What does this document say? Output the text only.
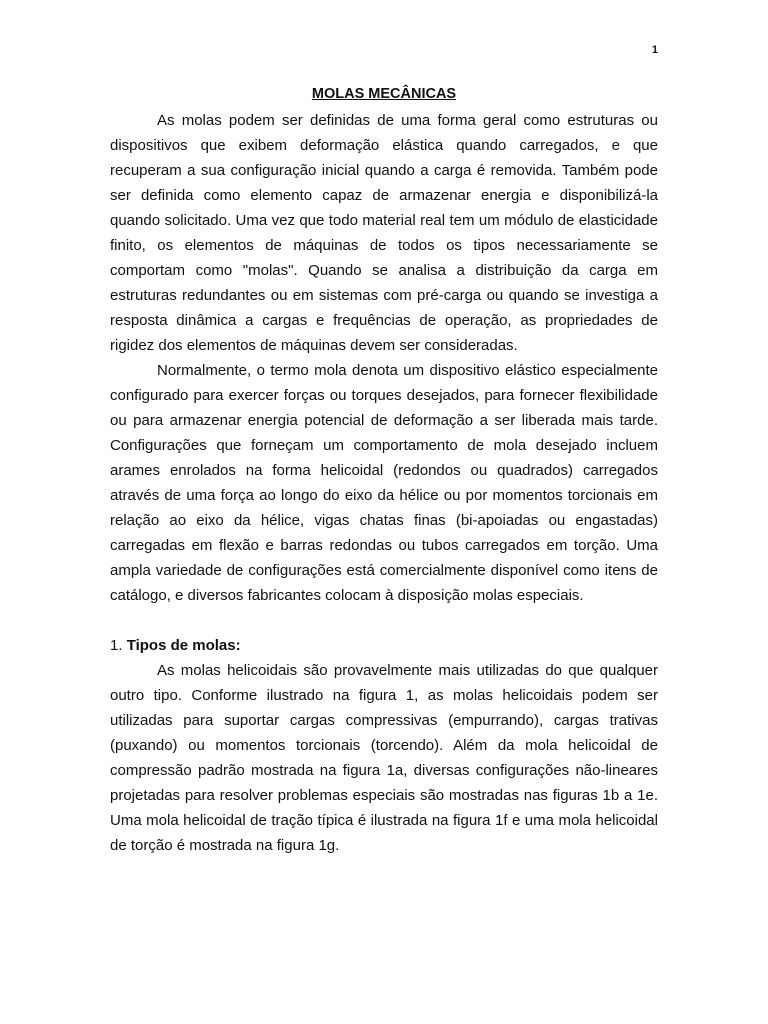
1
MOLAS MECÂNICAS

As molas podem ser definidas de uma forma geral como estruturas ou dispositivos que exibem deformação elástica quando carregados, e que recuperam a sua configuração inicial quando a carga é removida. Também pode ser definida como elemento capaz de armazenar energia e disponibilizá-la quando solicitado. Uma vez que todo material real tem um módulo de elasticidade finito, os elementos de máquinas de todos os tipos necessariamente se comportam como "molas". Quando se analisa a distribuição da carga em estruturas redundantes ou em sistemas com pré-carga ou quando se investiga a resposta dinâmica a cargas e frequências de operação, as propriedades de rigidez dos elementos de máquinas devem ser consideradas.

Normalmente, o termo mola denota um dispositivo elástico especialmente configurado para exercer forças ou torques desejados, para fornecer flexibilidade ou para armazenar energia potencial de deformação a ser liberada mais tarde. Configurações que forneçam um comportamento de mola desejado incluem arames enrolados na forma helicoidal (redondos ou quadrados) carregados através de uma força ao longo do eixo da hélice ou por momentos torcionais em relação ao eixo da hélice, vigas chatas finas (bi-apoiadas ou engastadas) carregadas em flexão e barras redondas ou tubos carregados em torção. Uma ampla variedade de configurações está comercialmente disponível como itens de catálogo, e diversos fabricantes colocam à disposição molas especiais.

1. Tipos de molas:

As molas helicoidais são provavelmente mais utilizadas do que qualquer outro tipo. Conforme ilustrado na figura 1, as molas helicoidais podem ser utilizadas para suportar cargas compressivas (empurrando), cargas trativas (puxando) ou momentos torcionais (torcendo). Além da mola helicoidal de compressão padrão mostrada na figura 1a, diversas configurações não-lineares projetadas para resolver problemas especiais são mostradas nas figuras 1b a 1e. Uma mola helicoidal de tração típica é ilustrada na figura 1f e uma mola helicoidal de torção é mostrada na figura 1g.
